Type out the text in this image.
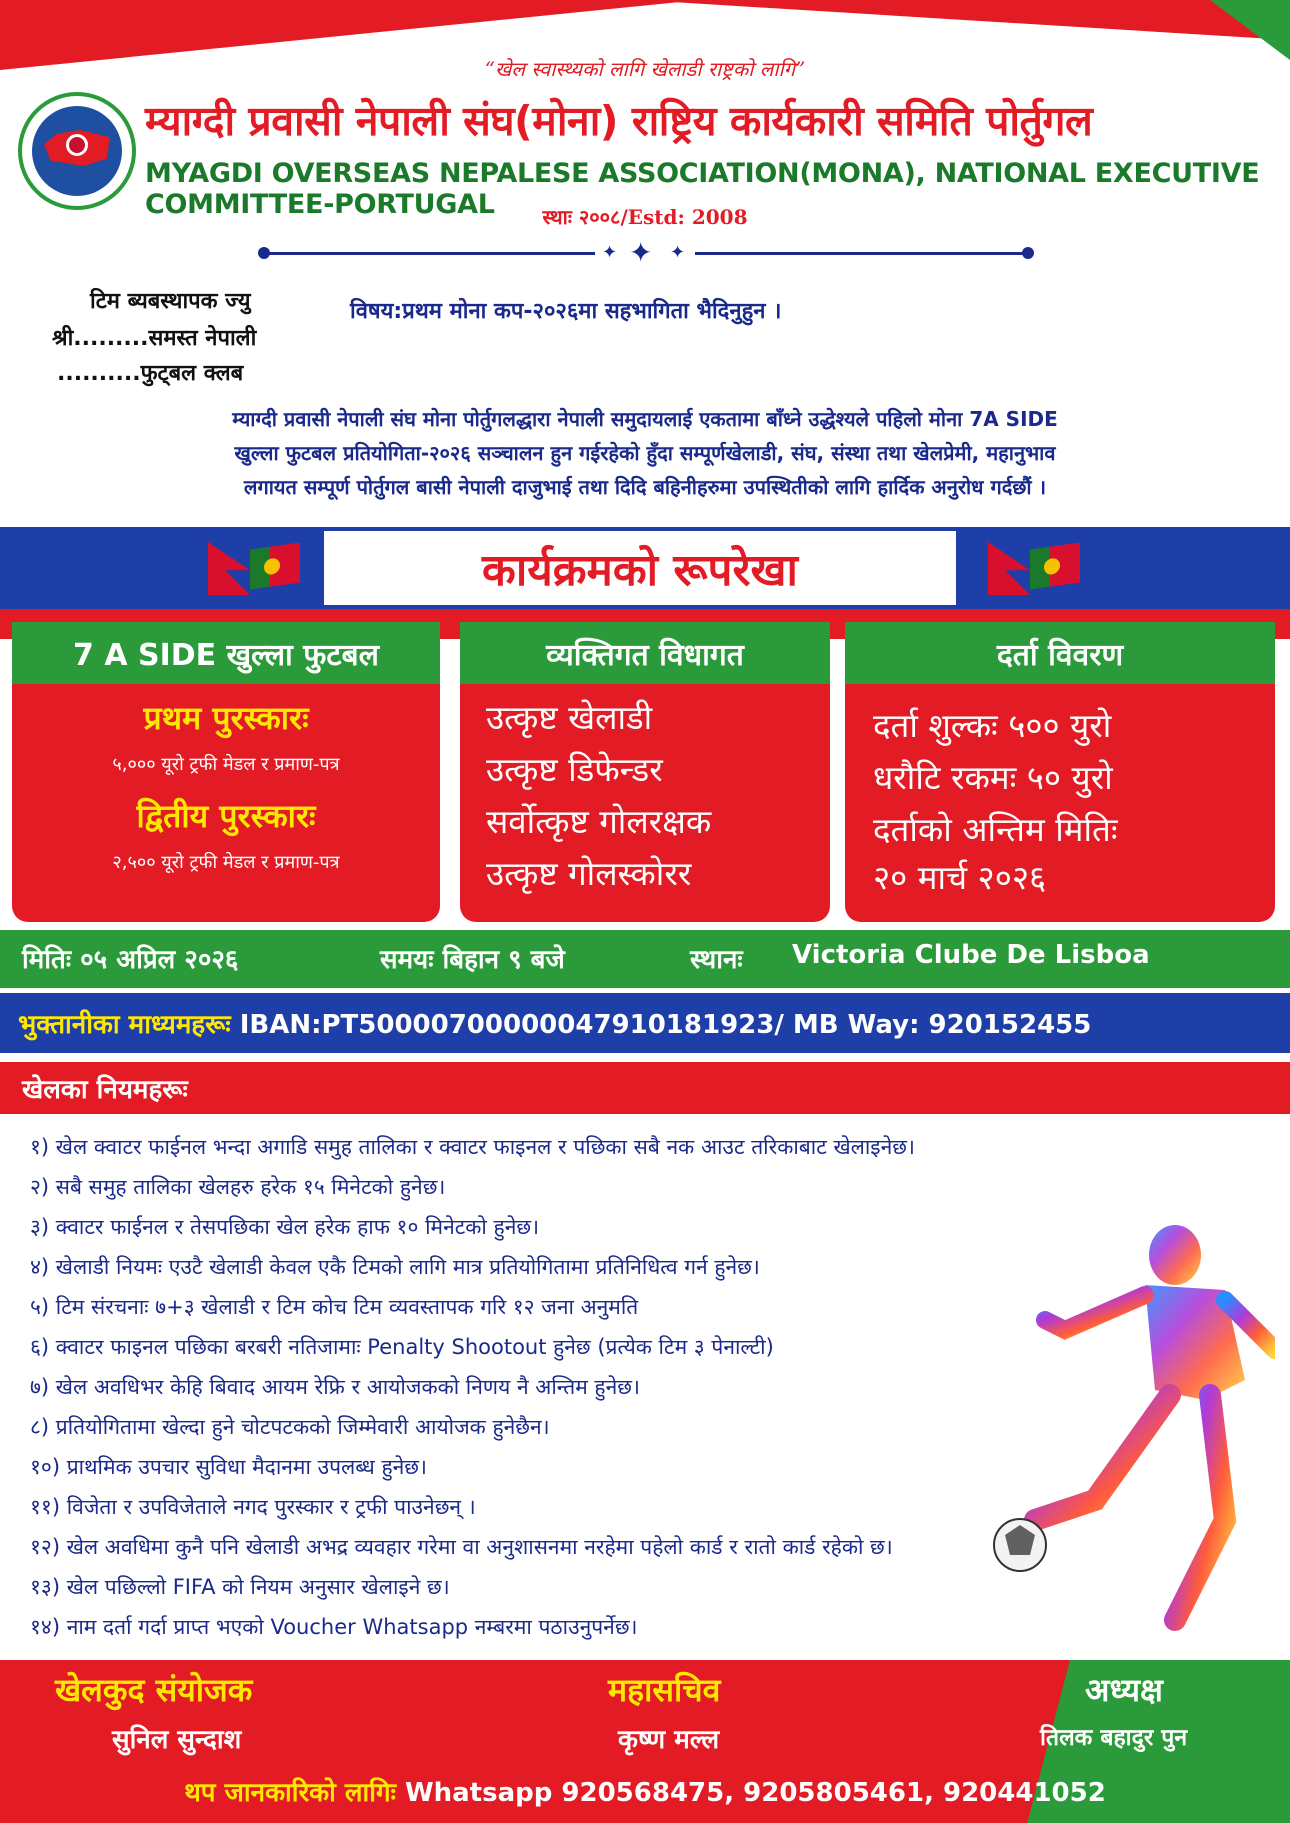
“खेल स्वास्थ्यको लागि खेलाडी राष्ट्रको लागि”
म्याग्दी प्रवासी नेपाली संघ(मोना) राष्ट्रिय कार्यकारी समिति पोर्तुगल
MYAGDI OVERSEAS NEPALESE ASSOCIATION(MONA), NATIONAL EXECUTIVE COMMITTEE-PORTUGAL	स्थाः २००८/Estd: 2008
✦ ✦ ✦
टिम ब्यबस्थापक ज्यु
श्री.........समस्त नेपाली
..........फुट्बल क्लब
विषय:प्रथम मोना कप-२०२६मा सहभागिता भैदिनुहुन ।
म्याग्दी प्रवासी नेपाली संघ मोना पोर्तुगलद्धारा नेपाली समुदायलाई एकतामा बाँध्ने उद्धेश्यले पहिलो मोना 7A SIDE
खुल्ला फुटबल प्रतियोगिता-२०२६ सञ्चालन हुन गईरहेको हुँदा सम्पूर्णखेलाडी, संघ, संस्था तथा खेलप्रेमी, महानुभाव
लगायत सम्पूर्ण पोर्तुगल बासी नेपाली दाजुभाई तथा दिदि बहिनीहरुमा उपस्थितीको लागि हार्दिक अनुरोध गर्दछौं ।
कार्यक्रमको रूपरेखा
7 A SIDE खुल्ला फुटबल
प्रथम पुरस्कारः
५,००० यूरो ट्रफी मेडल र प्रमाण-पत्र
द्वितीय पुरस्कारः
२,५०० यूरो ट्रफी मेडल र प्रमाण-पत्र
व्यक्तिगत विधागत
उत्कृष्ट खेलाडी
उत्कृष्ट डिफेन्डर
सर्वोत्कृष्ट गोलरक्षक
उत्कृष्ट गोलस्कोरर
दर्ता विवरण
दर्ता शुल्कः ५०० युरो
धरौटि रकमः ५० युरो
दर्ताको अन्तिम मितिः
२० मार्च २०२६
मितिः ०५ अप्रिल २०२६	समयः बिहान ९ बजे	स्थानः Victoria Clube De Lisboa
भुक्तानीका माध्यमहरूः IBAN:PT50000700000047910181923/ MB Way: 920152455
खेलका नियमहरूः
१) खेल क्वाटर फाईनल भन्दा अगाडि समुह तालिका र क्वाटर फाइनल र पछिका सबै नक आउट तरिकाबाट खेलाइनेछ।
२) सबै समुह तालिका खेलहरु हरेक १५ मिनेटको हुनेछ।
३) क्वाटर फाईनल र तेसपछिका खेल हरेक हाफ १० मिनेटको हुनेछ।
४) खेलाडी नियमः एउटै खेलाडी केवल एकै टिमको लागि मात्र प्रतियोगितामा प्रतिनिधित्व गर्न हुनेछ।
५) टिम संरचनाः ७+३ खेलाडी र टिम कोच टिम व्यवस्तापक गरि १२ जना अनुमति
६) क्वाटर फाइनल पछिका बरबरी नतिजामाः Penalty Shootout हुनेछ (प्रत्येक टिम ३ पेनाल्टी)
७) खेल अवधिभर केहि बिवाद आयम रेफ्रि र आयोजकको निणय नै अन्तिम हुनेछ।
८) प्रतियोगितामा खेल्दा हुने चोटपटकको जिम्मेवारी आयोजक हुनेछैन।
१०) प्राथमिक उपचार सुविधा मैदानमा उपलब्ध हुनेछ।
११) विजेता र उपविजेताले नगद पुरस्कार र ट्रफी पाउनेछन् ।
१२) खेल अवधिमा कुनै पनि खेलाडी अभद्र व्यवहार गरेमा वा अनुशासनमा नरहेमा पहेलो कार्ड र रातो कार्ड रहेको छ।
१३) खेल पछिल्लो FIFA को नियम अनुसार खेलाइने छ।
१४) नाम दर्ता गर्दा प्राप्त भएको Voucher Whatsapp नम्बरमा पठाउनुपर्नेछ।
खेलकुद संयोजक
सुनिल सुन्दाश
महासचिव
कृष्ण मल्ल
अध्यक्ष
तिलक बहादुर पुन
थप जानकारिको लागिः Whatsapp 920568475, 9205805461, 920441052
